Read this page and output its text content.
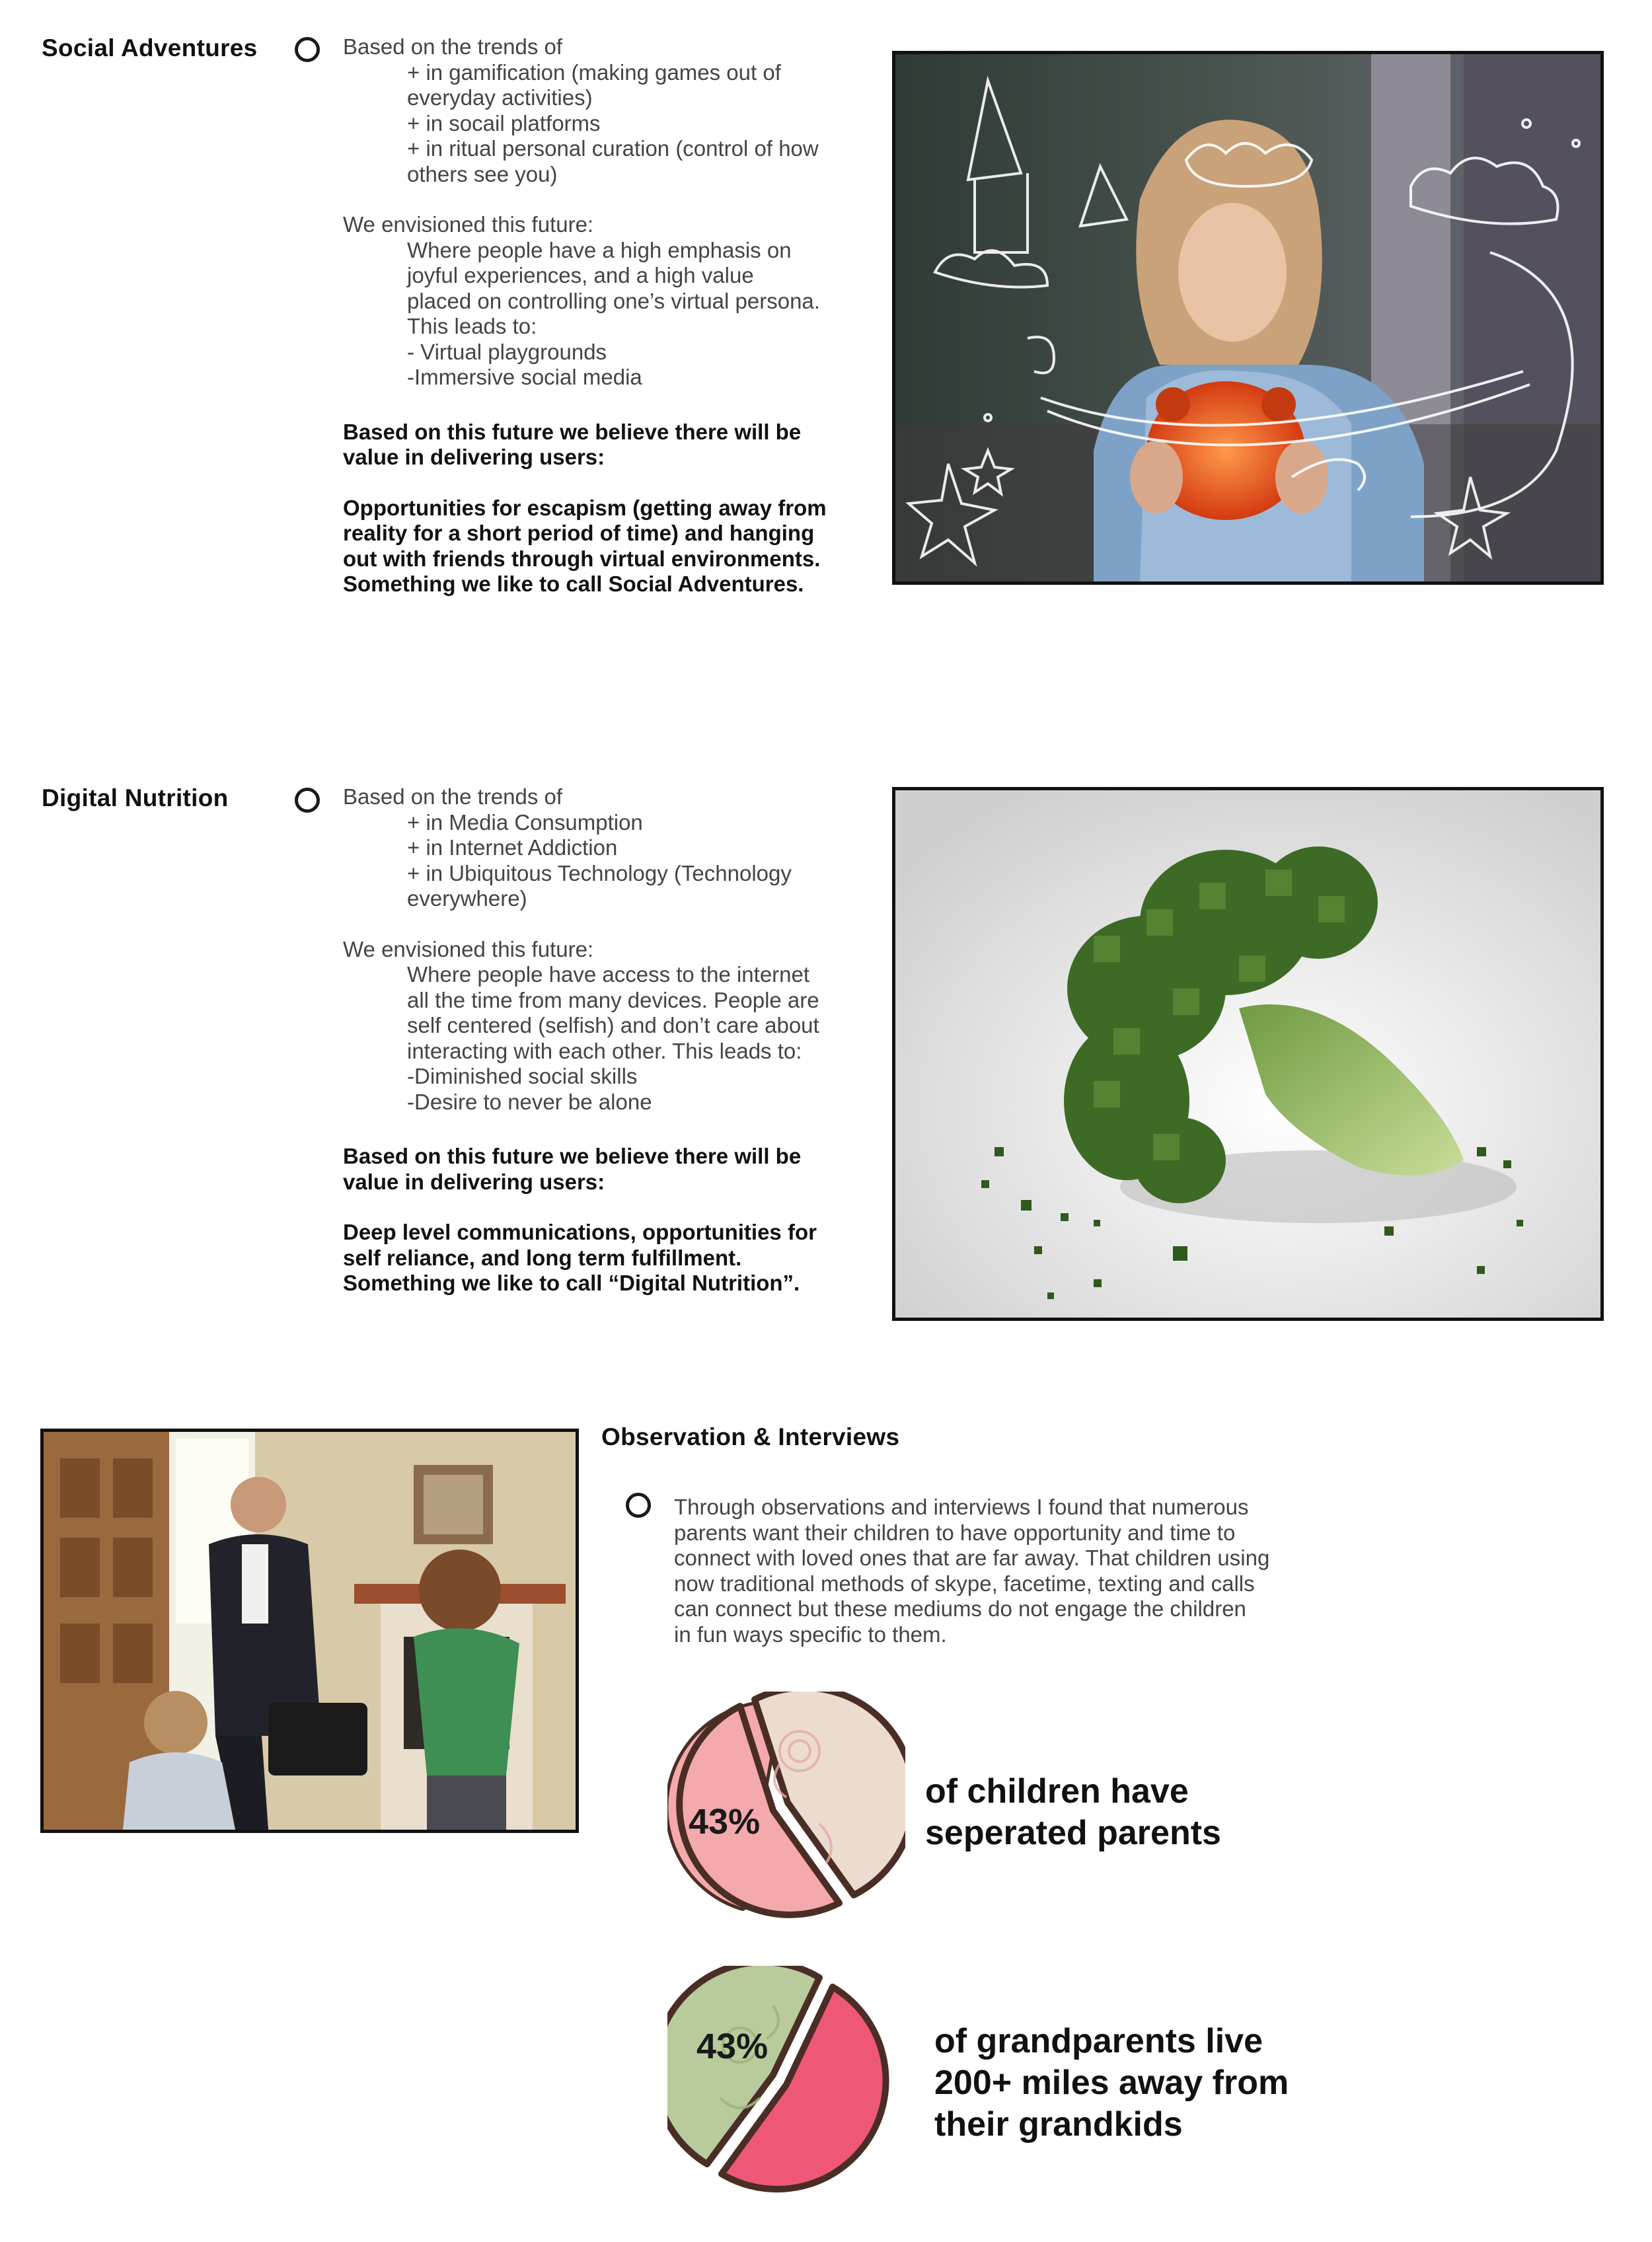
Social Adventures	Based on the trends of
+ in gamification (making games out of
everyday activities)
+ in socail platforms
+ in ritual personal curation (control of how
others see you)
We envisioned this future:
Where people have a high emphasis on
joyful experiences, and a high value
placed on controlling one’s virtual persona.
This leads to:
- Virtual playgrounds
-Immersive social media
Based on this future we believe there will be
value in delivering users:
Opportunities for escapism (getting away from
reality for a short period of time) and hanging
out with friends through virtual environments.
Something we like to call Social Adventures.
Digital Nutrition	Based on the trends of
+ in Media Consumption
+ in Internet Addiction
+ in Ubiquitous Technology (Technology
everywhere)
We envisioned this future:
Where people have access to the internet
all the time from many devices. People are
self centered (selfish) and don’t care about
interacting with each other. This leads to:
-Diminished social skills
-Desire to never be alone
Based on this future we believe there will be
value in delivering users:
Deep level communications, opportunities for
self reliance, and long term fulfillment.
Something we like to call “Digital Nutrition”.
Observation & Interviews
Through observations and interviews I found that numerous
parents want their children to have opportunity and time to
connect with loved ones that are far away. That children using
now traditional methods of skype, facetime, texting and calls
can connect but these mediums do not engage the children
in fun ways specific to them.
43%
of children have
seperated parents
43%	of grandparents live
200+ miles away from
their grandkids
